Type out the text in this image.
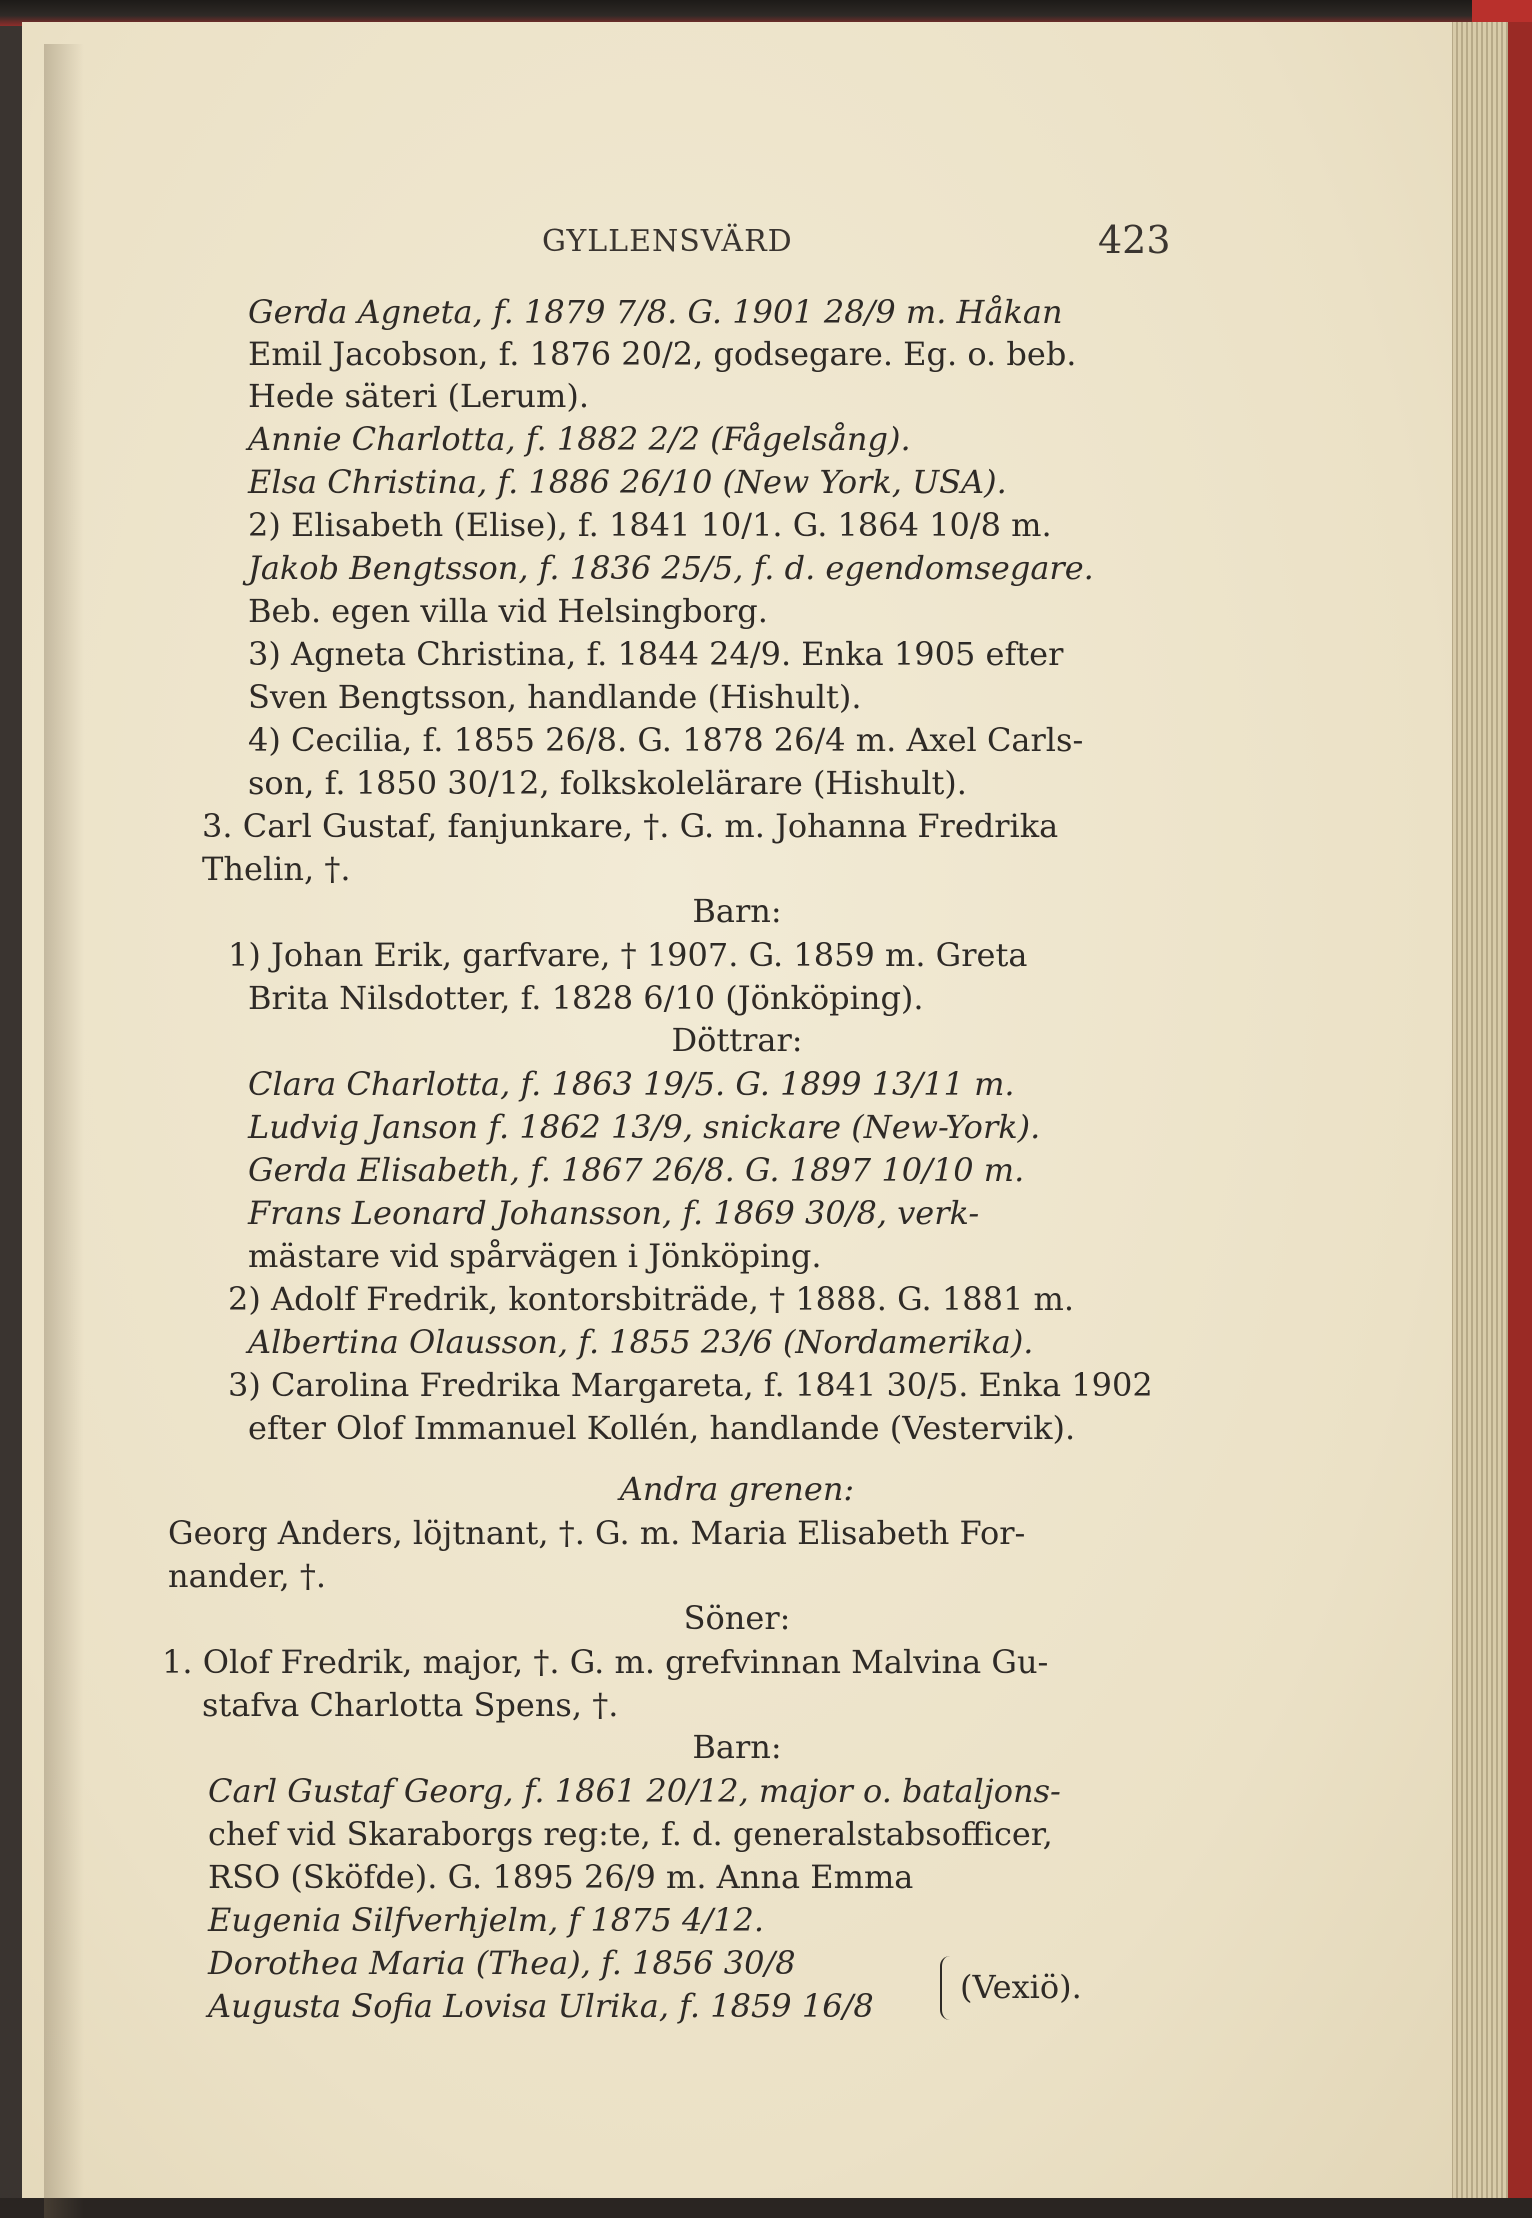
GYLLENSVÄRD	423
Gerda Agneta, f. 1879 7/8. G. 1901 28/9 m. Håkan
Emil Jacobson, f. 1876 20/2, godsegare. Eg. o. beb.
Hede säteri (Lerum).
Annie Charlotta, f. 1882 2/2 (Fågelsång).
Elsa Christina, f. 1886 26/10 (New York, USA).
2) Elisabeth (Elise), f. 1841 10/1. G. 1864 10/8 m.
Jakob Bengtsson, f. 1836 25/5, f. d. egendomsegare.
Beb. egen villa vid Helsingborg.
3) Agneta Christina, f. 1844 24/9. Enka 1905 efter
Sven Bengtsson, handlande (Hishult).
4) Cecilia, f. 1855 26/8. G. 1878 26/4 m. Axel Carls-
son, f. 1850 30/12, folkskolelärare (Hishult).
3. Carl Gustaf, fanjunkare, †. G. m. Johanna Fredrika
Thelin, †.
Barn:
1) Johan Erik, garfvare, † 1907. G. 1859 m. Greta
Brita Nilsdotter, f. 1828 6/10 (Jönköping).
Döttrar:
Clara Charlotta, f. 1863 19/5. G. 1899 13/11 m.
Ludvig Janson f. 1862 13/9, snickare (New-York).
Gerda Elisabeth, f. 1867 26/8. G. 1897 10/10 m.
Frans Leonard Johansson, f. 1869 30/8, verk-
mästare vid spårvägen i Jönköping.
2) Adolf Fredrik, kontorsbiträde, † 1888. G. 1881 m.
Albertina Olausson, f. 1855 23/6 (Nordamerika).
3) Carolina Fredrika Margareta, f. 1841 30/5. Enka 1902
efter Olof Immanuel Kollén, handlande (Vestervik).
Andra grenen:
Georg Anders, löjtnant, †. G. m. Maria Elisabeth For-
nander, †.
Söner:
1. Olof Fredrik, major, †. G. m. grefvinnan Malvina Gu-
stafva Charlotta Spens, †.
Barn:
Carl Gustaf Georg, f. 1861 20/12, major o. bataljons-
chef vid Skaraborgs reg:te, f. d. generalstabsofficer,
RSO (Sköfde). G. 1895 26/9 m. Anna Emma
Eugenia Silfverhjelm, f 1875 4/12.
Dorothea Maria (Thea), f. 1856 30/8
Augusta Sofia Lovisa Ulrika, f. 1859 16/8	(Vexiö).
